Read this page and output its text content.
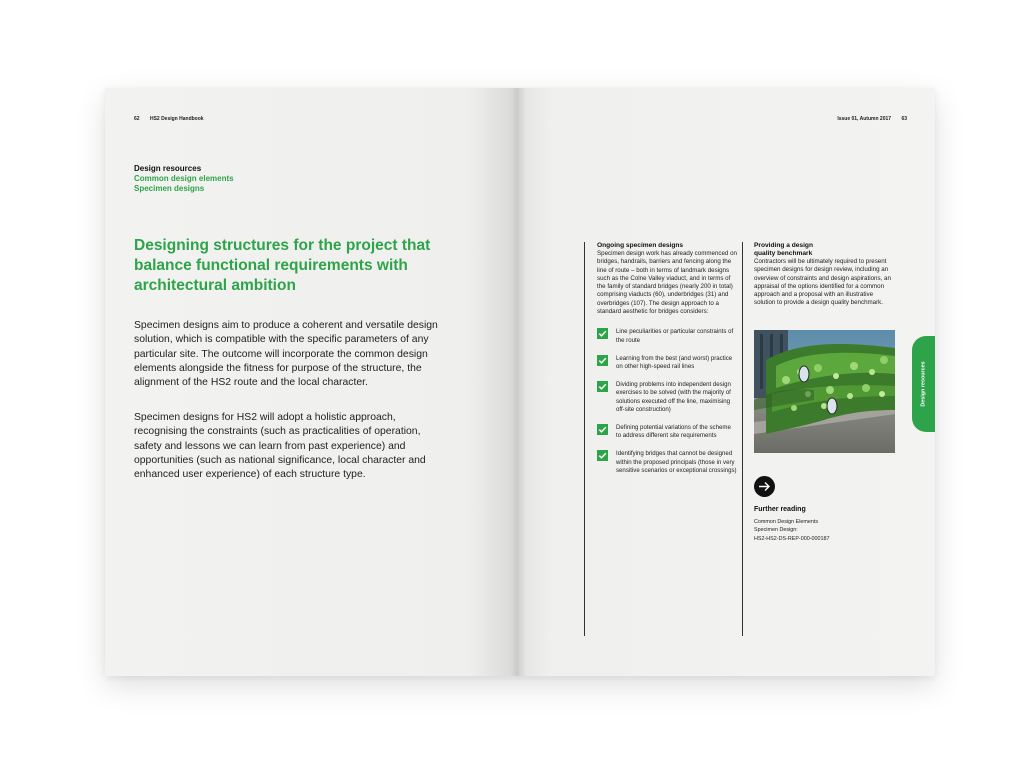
62 HS2 Design Handbook
Design resources
Common design elements
Specimen designs
Designing structures for the project that balance functional requirements with architectural ambition

Specimen designs aim to produce a coherent and versatile design solution, which is compatible with the specific parameters of any particular site. The outcome will incorporate the common design elements alongside the fitness for purpose of the structure, the alignment of the HS2 route and the local character.

Specimen designs for HS2 will adopt a holistic approach, recognising the constraints (such as practicalities of operation, safety and lessons we can learn from past experience) and opportunities (such as national significance, local character and enhanced user experience) of each structure type.

Issue 01, Autumn 2017 63

Ongoing specimen designs

Specimen design work has already commenced on bridges, handrails, barriers and fencing along the line of route – both in terms of landmark designs such as the Colne Valley viaduct, and in terms of the family of standard bridges (nearly 200 in total) comprising viaducts (60), underbridges (31) and overbridges (107). The design approach to a standard aesthetic for bridges considers:

Line peculiarities or particular constraints of the route
Learning from the best (and worst) practice on other high-speed rail lines
Dividing problems into independent design exercises to be solved (with the majority of solutions executed off the line, maximising off-site construction)
Defining potential variations of the scheme to address different site requirements
Identifying bridges that cannot be designed within the proposed principals (those in very sensitive scenarios or exceptional crossings)

Providing a design
quality benchmark

Contractors will be ultimately required to present specimen designs for design review, including an overview of constraints and design aspirations, an appraisal of the options identified for a common approach and a proposal with an illustrative solution to provide a design quality benchmark.

Further reading
Common Design Elements
Specimen Design:
HS2-HS2-DS-REP-000-000187
Design resources
